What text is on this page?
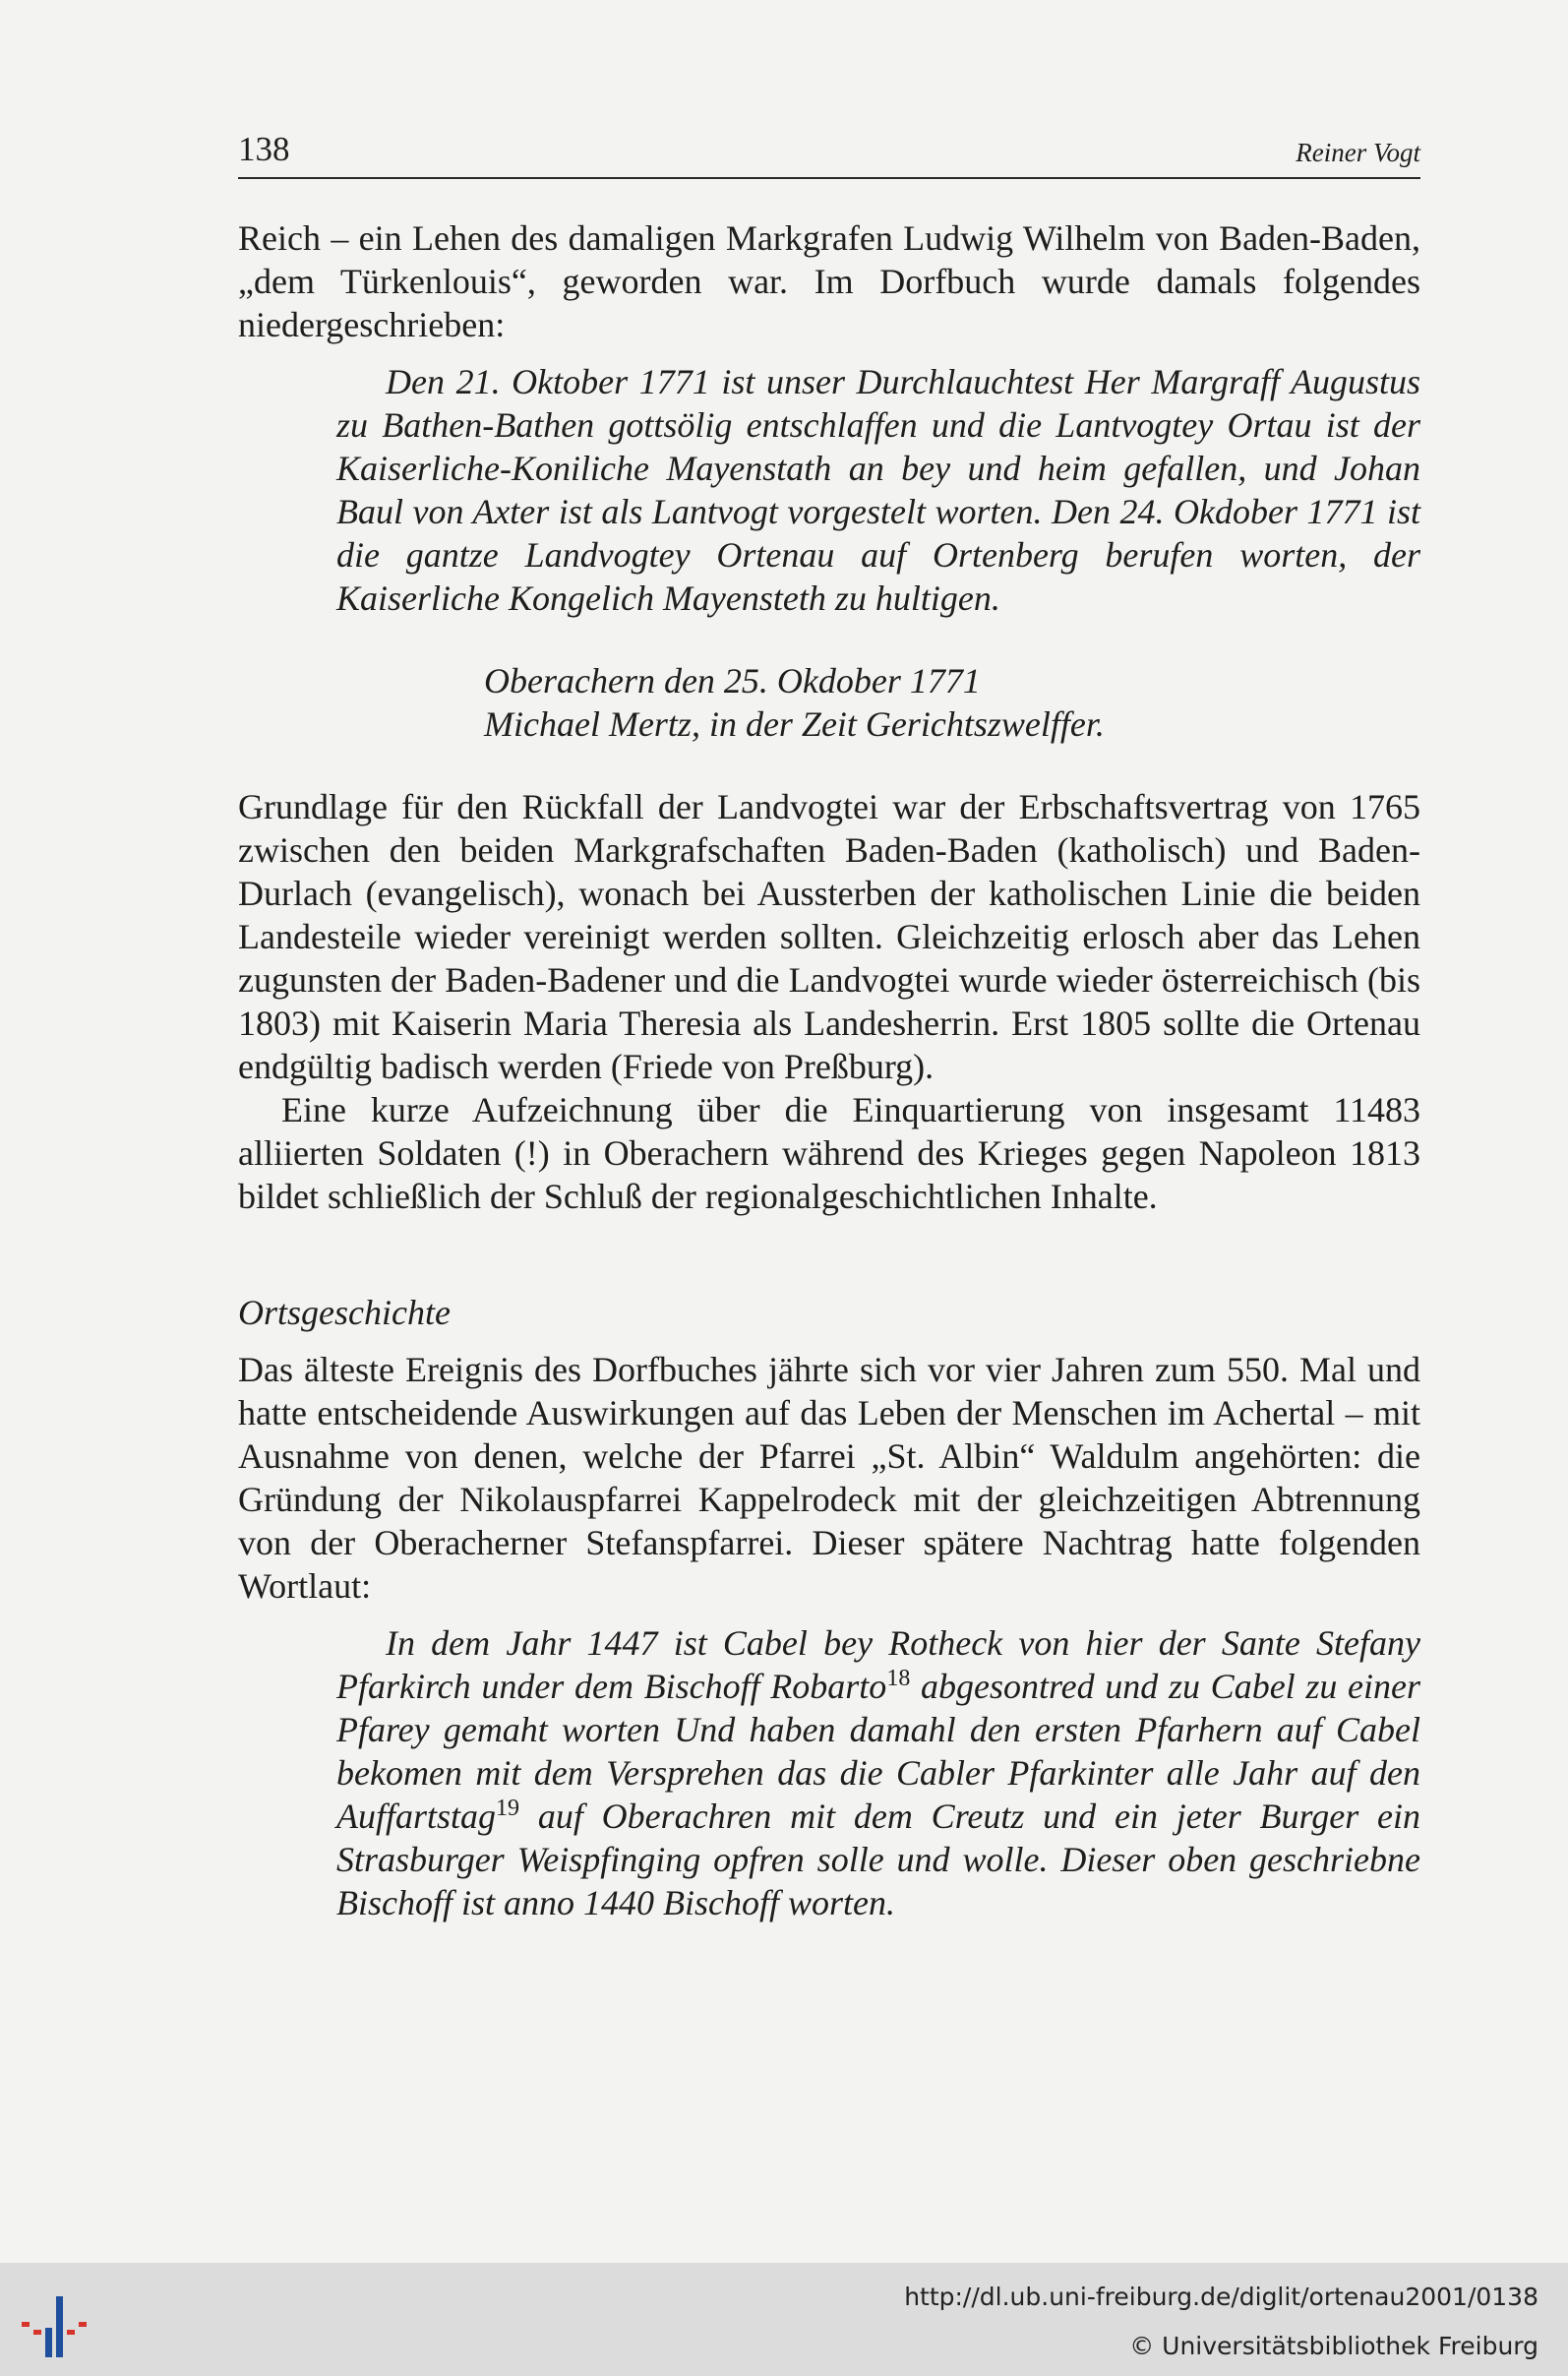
138	Reiner Vogt

Reich – ein Lehen des damaligen Markgrafen Ludwig Wilhelm von Baden-Baden, „dem Türkenlouis“, geworden war. Im Dorfbuch wurde damals folgendes niedergeschrieben:

Den 21. Oktober 1771 ist unser Durchlauchtest Her Margraff Augustus zu Bathen-Bathen gottsölig entschlaffen und die Lantvogtey Ortau ist der Kaiserliche-Koniliche Mayenstath an bey und heim gefallen, und Johan Baul von Axter ist als Lantvogt vorgestelt worten. Den 24. Okdober 1771 ist die gantze Landvogtey Ortenau auf Ortenberg berufen worten, der Kaiserliche Kongelich Mayensteth zu hultigen.

Oberachern den 25. Okdober 1771
Michael Mertz, in der Zeit Gerichtszwelffer.

Grundlage für den Rückfall der Landvogtei war der Erbschaftsvertrag von 1765 zwischen den beiden Markgrafschaften Baden-Baden (katholisch) und Baden-Durlach (evangelisch), wonach bei Aussterben der katholischen Linie die beiden Landesteile wieder vereinigt werden sollten. Gleichzeitig erlosch aber das Lehen zugunsten der Baden-Badener und die Landvogtei wurde wieder österreichisch (bis 1803) mit Kaiserin Maria Theresia als Landesherrin. Erst 1805 sollte die Ortenau endgültig badisch werden (Friede von Preßburg).

Eine kurze Aufzeichnung über die Einquartierung von insgesamt 11483 alliierten Soldaten (!) in Oberachern während des Krieges gegen Napoleon 1813 bildet schließlich der Schluß der regionalgeschichtlichen Inhalte.

Ortsgeschichte

Das älteste Ereignis des Dorfbuches jährte sich vor vier Jahren zum 550. Mal und hatte entscheidende Auswirkungen auf das Leben der Menschen im Achertal – mit Ausnahme von denen, welche der Pfarrei „St. Albin“ Waldulm angehörten: die Gründung der Nikolauspfarrei Kappelrodeck mit der gleichzeitigen Abtrennung von der Oberacherner Stefanspfarrei. Dieser spätere Nachtrag hatte folgenden Wortlaut:

In dem Jahr 1447 ist Cabel bey Rotheck von hier der Sante Stefany Pfarkirch under dem Bischoff Robarto$^{18}$ abgesontred und zu Cabel zu einer Pfarey gemaht worten Und haben damahl den ersten Pfarhern auf Cabel bekomen mit dem Versprehen das die Cabler Pfarkinter alle Jahr auf den Auffartstag$^{19}$ auf Oberachren mit dem Creutz und ein jeter Burger ein Strasburger Weispfinging opfren solle und wolle. Dieser oben geschriebne Bischoff ist anno 1440 Bischoff worten.

http://dl.ub.uni-freiburg.de/diglit/ortenau2001/0138
© Universitätsbibliothek Freiburg
